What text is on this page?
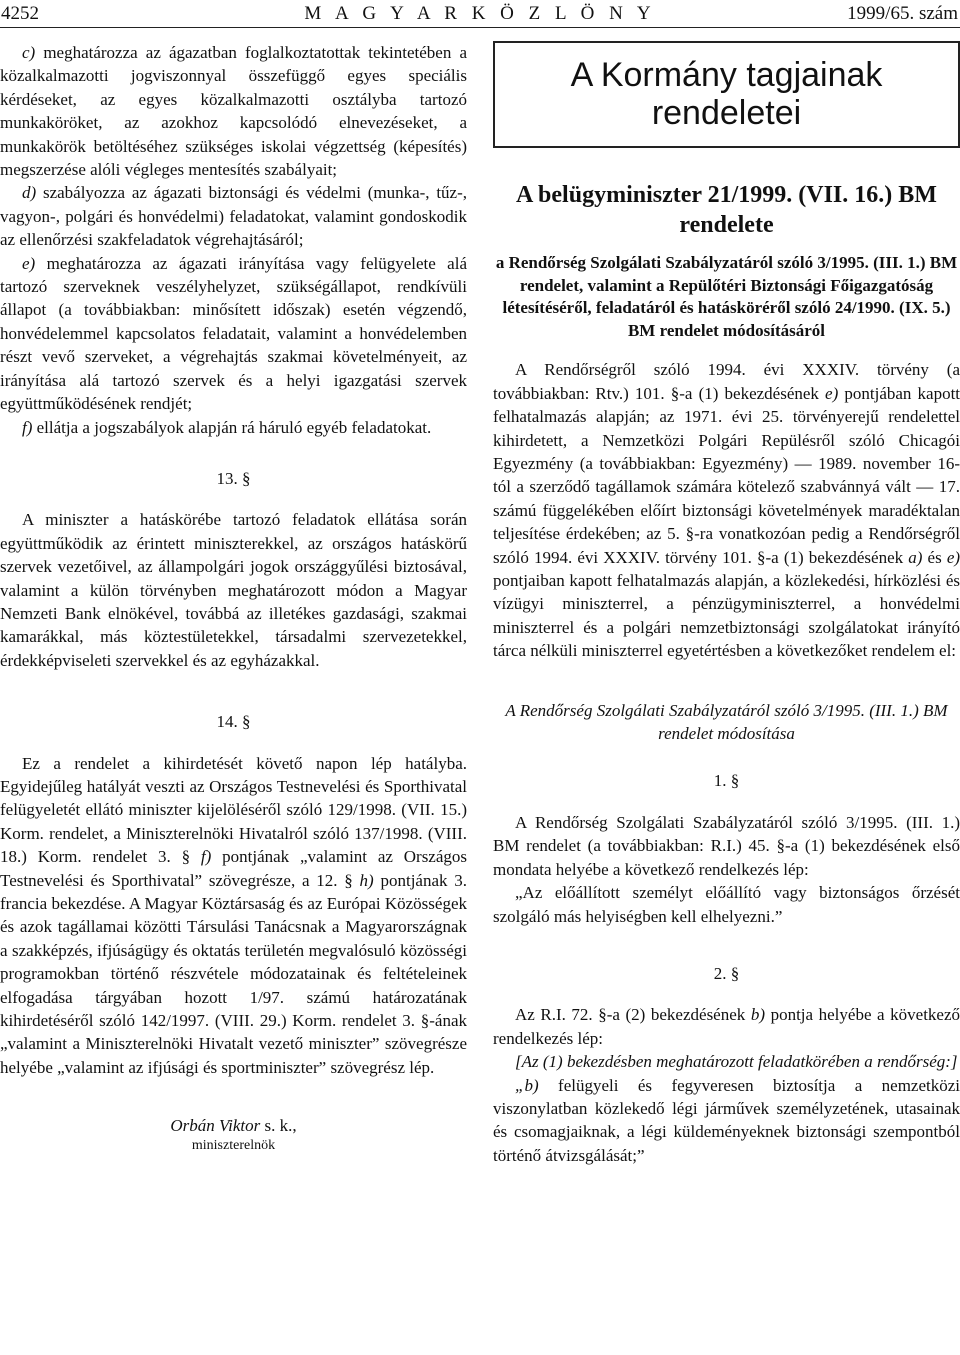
4252	M A G Y A R K Ö Z L Ö N Y	1999/65. szám

c) meghatározza az ágazatban foglalkoztatottak tekintetében a közalkalmazotti jogviszonnyal összefüggő egyes speciális kérdéseket, az egyes közalkalmazotti osztályba tartozó munkaköröket, az azokhoz kapcsolódó elnevezéseket, a munkakörök betöltéséhez szükséges iskolai végzettség (képesítés) megszerzése alóli végleges mentesítés szabályait;

d) szabályozza az ágazati biztonsági és védelmi (munka-, tűz-, vagyon-, polgári és honvédelmi) feladatokat, valamint gondoskodik az ellenőrzési szakfeladatok végrehajtásáról;

e) meghatározza az ágazati irányítása vagy felügyelete alá tartozó szerveknek veszélyhelyzet, szükségállapot, rendkívüli állapot (a továbbiakban: minősített időszak) esetén végzendő, honvédelemmel kapcsolatos feladatait, valamint a honvédelemben részt vevő szerveket, a végrehajtás szakmai követelményeit, az irányítása alá tartozó szervek és a helyi igazgatási szervek együttműködésének rendjét;

f) ellátja a jogszabályok alapján rá háruló egyéb feladatokat.

13. §

A miniszter a hatáskörébe tartozó feladatok ellátása során együttműködik az érintett miniszterekkel, az országos hatáskörű szervek vezetőivel, az állampolgári jogok országgyűlési biztosával, valamint a külön törvényben meghatározott módon a Magyar Nemzeti Bank elnökével, továbbá az illetékes gazdasági, szakmai kamarákkal, más köztestületekkel, társadalmi szervezetekkel, érdekképviseleti szervekkel és az egyházakkal.

14. §

Ez a rendelet a kihirdetését követő napon lép hatályba. Egyidejűleg hatályát veszti az Országos Testnevelési és Sporthivatal felügyeletét ellátó miniszter kijelöléséről szóló 129/1998. (VII. 15.) Korm. rendelet, a Miniszterelnöki Hivatalról szóló 137/1998. (VIII. 18.) Korm. rendelet 3. § f) pontjának „valamint az Országos Testnevelési és Sporthivatal” szövegrésze, a 12. § h) pontjának 3. francia bekezdése. A Magyar Köztársaság és az Európai Közösségek és azok tagállamai közötti Társulási Tanácsnak a Magyarországnak a szakképzés, ifjúságügy és oktatás területén megvalósuló közösségi programokban történő részvétele módozatainak és feltételeinek elfogadása tárgyában hozott 1/97. számú határozatának kihirdetéséről szóló 142/1997. (VIII. 29.) Korm. rendelet 3. §-ának „valamint a Miniszterelnöki Hivatalt vezető miniszter” szövegrésze helyébe „valamint az ifjúsági és sportminiszter” szövegrész lép.

Orbán Viktor s. k.,
miniszterelnök
A Kormány tagjainak rendeletei
A belügyminiszter 21/1999. (VII. 16.) BM rendelete
a Rendőrség Szolgálati Szabályzatáról szóló 3/1995. (III. 1.) BM rendelet, valamint a Repülőtéri Biztonsági Főigazgatóság létesítéséről, feladatáról és hatásköréről szóló 24/1990. (IX. 5.) BM rendelet módosításáról

A Rendőrségről szóló 1994. évi XXXIV. törvény (a továbbiakban: Rtv.) 101. §-a (1) bekezdésének e) pontjában kapott felhatalmazás alapján; az 1971. évi 25. törvényerejű rendelettel kihirdetett, a Nemzetközi Polgári Repülésről szóló Chicagói Egyezmény (a továbbiakban: Egyezmény) — 1989. november 16-tól a szerződő tagállamok számára kötelező szabvánnyá vált — 17. számú függelékében előírt biztonsági követelmények maradéktalan teljesítése érdekében; az 5. §-ra vonatkozóan pedig a Rendőrségről szóló 1994. évi XXXIV. törvény 101. §-a (1) bekezdésének a) és e) pontjaiban kapott felhatalmazás alapján, a közlekedési, hírközlési és vízügyi miniszterrel, a pénzügyminiszterrel, a honvédelmi miniszterrel és a polgári nemzetbiztonsági szolgálatokat irányító tárca nélküli miniszterrel egyetértésben a következőket rendelem el:

A Rendőrség Szolgálati Szabályzatáról szóló 3/1995. (III. 1.) BM rendelet módosítása

1. §

A Rendőrség Szolgálati Szabályzatáról szóló 3/1995. (III. 1.) BM rendelet (a továbbiakban: R.I.) 45. §-a (1) bekezdésének első mondata helyébe a következő rendelkezés lép:

„Az előállított személyt előállító vagy biztonságos őrzését szolgáló más helyiségben kell elhelyezni.”

2. §

Az R.I. 72. §-a (2) bekezdésének b) pontja helyébe a következő rendelkezés lép:

[Az (1) bekezdésben meghatározott feladatkörében a rendőrség:]

„b) felügyeli és fegyveresen biztosítja a nemzetközi viszonylatban közlekedő légi járművek személyzetének, utasainak és csomagjaiknak, a légi küldeményeknek biztonsági szempontból történő átvizsgálását;”
